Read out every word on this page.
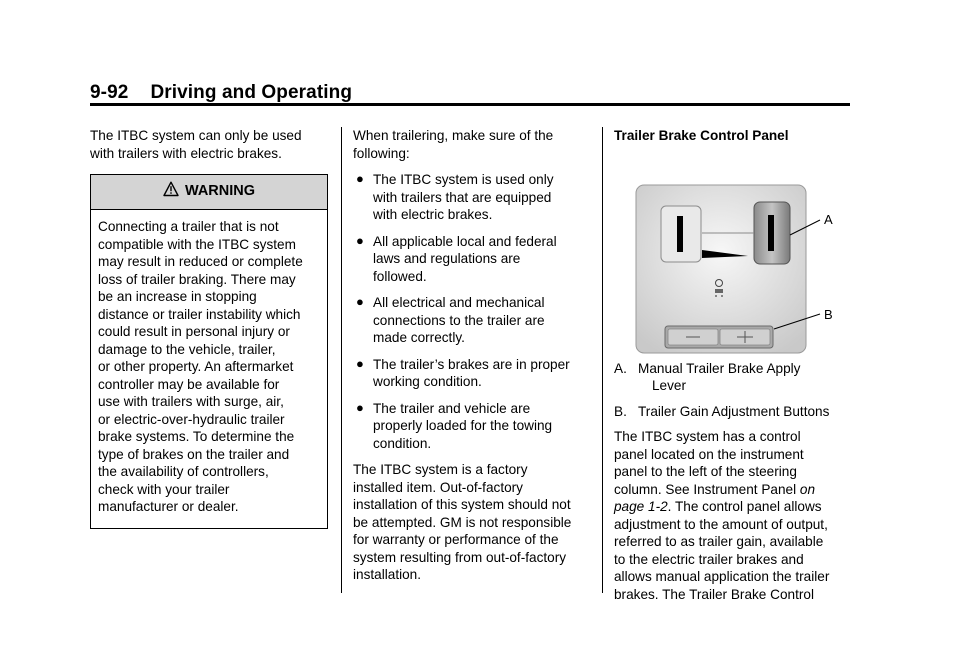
9-92 Driving and Operating

The ITBC system can only be used
with trailers with electric brakes.

WARNING
Connecting a trailer that is not
compatible with the ITBC system
may result in reduced or complete
loss of trailer braking. There may
be an increase in stopping
distance or trailer instability which
could result in personal injury or
damage to the vehicle, trailer,
or other property. An aftermarket
controller may be available for
use with trailers with surge, air,
or electric-over-hydraulic trailer
brake systems. To determine the
type of brakes on the trailer and
the availability of controllers,
check with your trailer
manufacturer or dealer.

When trailering, make sure of the
following:

● The ITBC system is used only
with trailers that are equipped
with electric brakes.
● All applicable local and federal
laws and regulations are
followed.
● All electrical and mechanical
connections to the trailer are
made correctly.
● The trailer’s brakes are in proper
working condition.
● The trailer and vehicle are
properly loaded for the towing
condition.

The ITBC system is a factory
installed item. Out-of-factory
installation of this system should not
be attempted. GM is not responsible
for warranty or performance of the
system resulting from out-of-factory
installation.

Trailer Brake Control Panel

A
B
A. Manual Trailer Brake Apply
Lever
B. Trailer Gain Adjustment Buttons

The ITBC system has a control
panel located on the instrument
panel to the left of the steering
column. See Instrument Panel on
page 1-2. The control panel allows
adjustment to the amount of output,
referred to as trailer gain, available
to the electric trailer brakes and
allows manual application the trailer
brakes. The Trailer Brake Control
